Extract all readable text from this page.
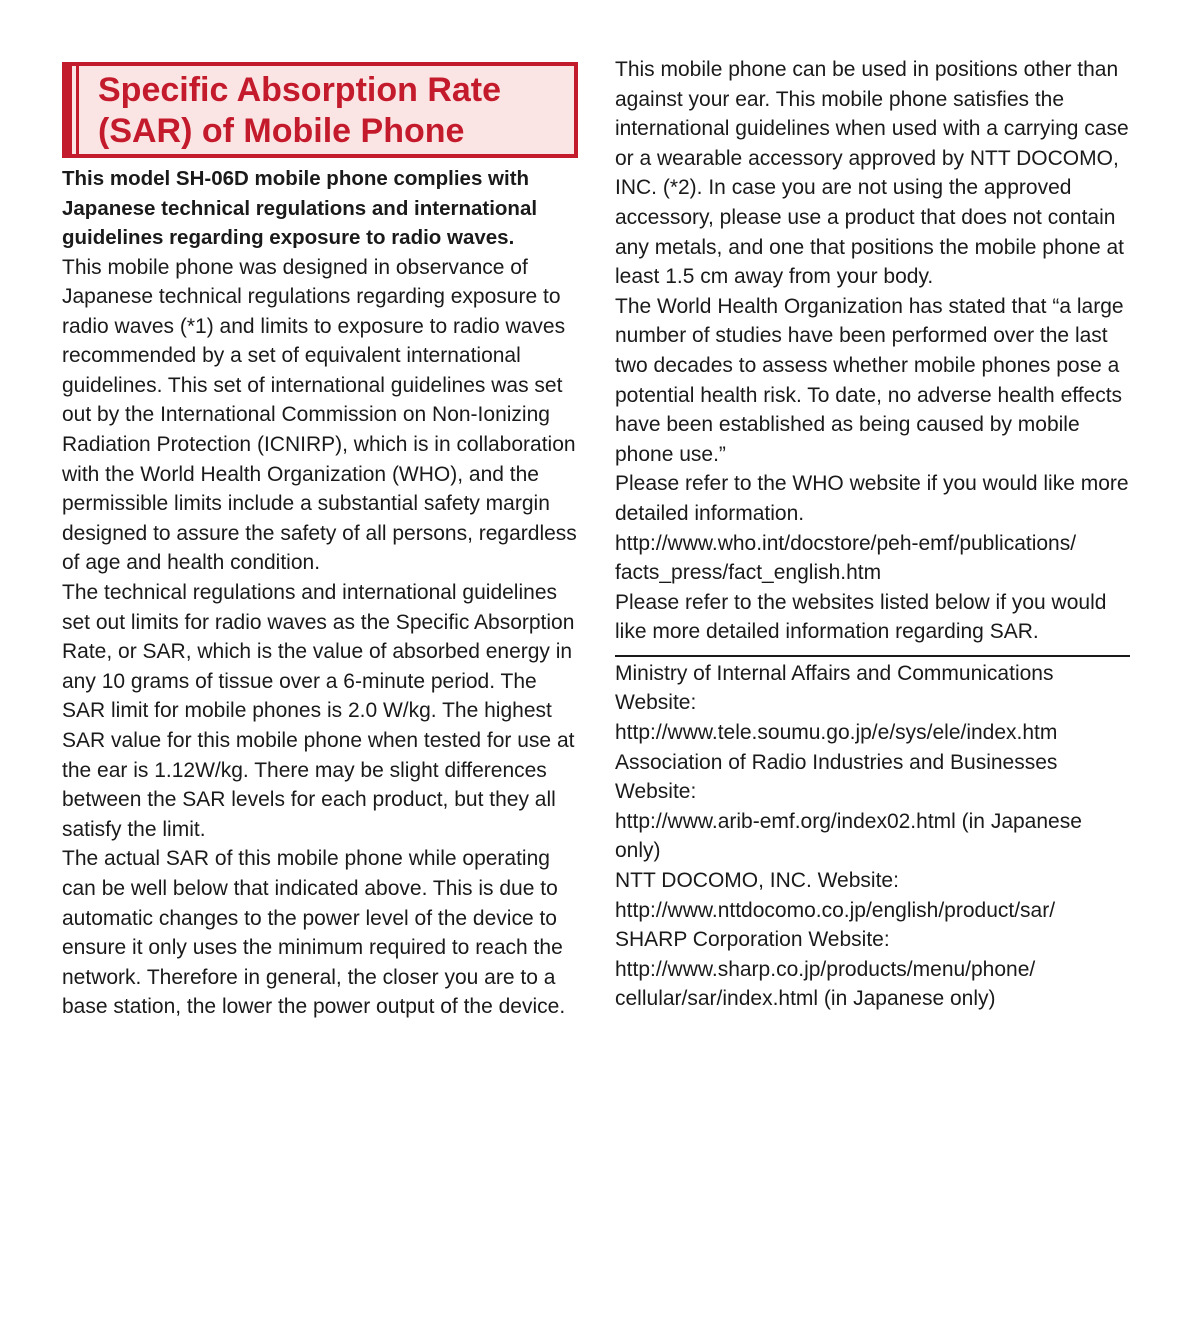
Specific Absorption Rate
(SAR) of Mobile Phone

This model SH-06D mobile phone complies with Japanese technical regulations and international guidelines regarding exposure to radio waves.

This mobile phone was designed in observance of Japanese technical regulations regarding exposure to radio waves (*1) and limits to exposure to radio waves recommended by a set of equivalent international guidelines. This set of international guidelines was set out by the International Commission on Non-Ionizing Radiation Protection (ICNIRP), which is in collaboration with the World Health Organization (WHO), and the permissible limits include a substantial safety margin designed to assure the safety of all persons, regardless of age and health condition.

The technical regulations and international guidelines set out limits for radio waves as the Specific Absorption Rate, or SAR, which is the value of absorbed energy in any 10 grams of tissue over a 6-minute period. The SAR limit for mobile phones is 2.0 W/kg. The highest SAR value for this mobile phone when tested for use at the ear is 1.12W/kg. There may be slight differences between the SAR levels for each product, but they all satisfy the limit.

The actual SAR of this mobile phone while operating can be well below that indicated above. This is due to automatic changes to the power level of the device to ensure it only uses the minimum required to reach the network. Therefore in general, the closer you are to a base station, the lower the power output of the device.

This mobile phone can be used in positions other than against your ear. This mobile phone satisfies the international guidelines when used with a carrying case or a wearable accessory approved by NTT DOCOMO, INC. (*2). In case you are not using the approved accessory, please use a product that does not contain any metals, and one that positions the mobile phone at least 1.5 cm away from your body.

The World Health Organization has stated that “a large number of studies have been performed over the last two decades to assess whether mobile phones pose a potential health risk. To date, no adverse health effects have been established as being caused by mobile phone use.”

Please refer to the WHO website if you would like more detailed information.

http://www.who.int/docstore/peh-emf/publications/

facts_press/fact_english.htm

Please refer to the websites listed below if you would like more detailed information regarding SAR.

Ministry of Internal Affairs and Communications Website:

http://www.tele.soumu.go.jp/e/sys/ele/index.htm

Association of Radio Industries and Businesses Website:

http://www.arib-emf.org/index02.html (in Japanese only)

NTT DOCOMO, INC. Website:

http://www.nttdocomo.co.jp/english/product/sar/

SHARP Corporation Website:

http://www.sharp.co.jp/products/menu/phone/

cellular/sar/index.html (in Japanese only)
